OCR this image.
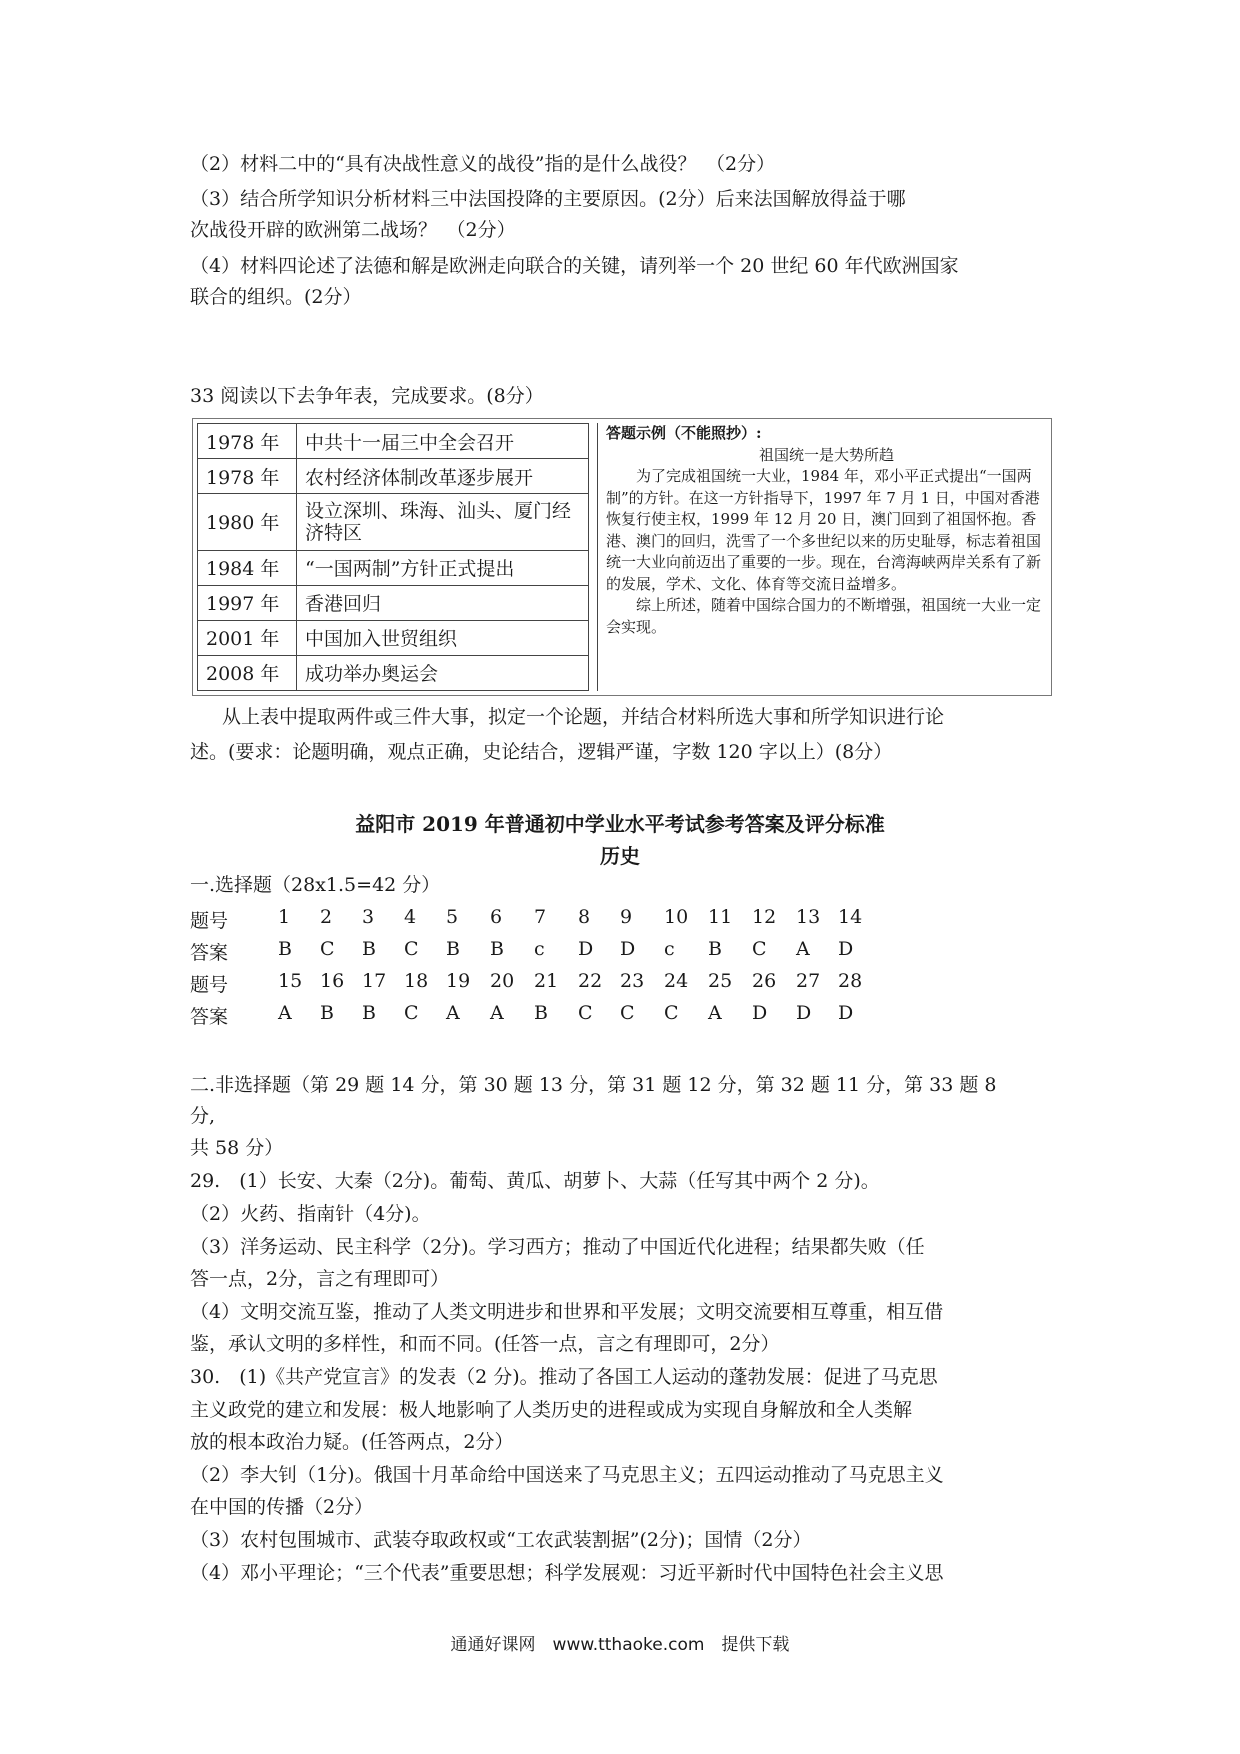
（2）材料二中的“具有决战性意义的战役”指的是什么战役？　（2分）
（3）结合所学知识分析材料三中法国投降的主要原因。(2分）后来法国解放得益于哪
次战役开辟的欧洲第二战场？　（2分）
（4）材料四论述了法德和解是欧洲走向联合的关键，请列举一个 20 世纪 60 年代欧洲国家
联合的组织。(2分）
33 阅读以下去争年表，完成要求。(8分）
1978 年	中共十一届三中全会召开
1978 年	农村经济体制改革逐步展开
1980 年	设立深圳、珠海、汕头、厦门经济特区
1984 年	“一国两制”方针正式提出
1997 年	香港回归
2001 年	中国加入世贸组织
2008 年	成功举办奥运会
答题示例（不能照抄）:
祖国统一是大势所趋

为了完成祖国统一大业，1984 年，邓小平正式提出“一国两制”的方针。在这一方针指导下，1997 年 7 月 1 日，中国对香港恢复行使主权，1999 年 12 月 20 日，澳门回到了祖国怀抱。香港、澳门的回归，洗雪了一个多世纪以来的历史耻辱，标志着祖国统一大业向前迈出了重要的一步。现在，台湾海峡两岸关系有了新的发展，学术、文化、体育等交流日益增多。

综上所述，随着中国综合国力的不断增强，祖国统一大业一定会实现。

从上表中提取两件或三件大事，拟定一个论题，并结合材料所选大事和所学知识进行论
述。(要求：论题明确，观点正确，史论结合，逻辑严谨，字数 120 字以上）(8分）
益阳市 2019 年普通初中学业水平考试参考答案及评分标准
历史
一.选择题（28x1.5=42 分）
题号	1 2 3 4 5 6 7 8 9 10 11 12 13 14
答案	B C B C B B c D D c B C A D
题号	15 16 17 18 19 20 21 22 23 24 25 26 27 28
答案	A B B C A A B C C C A D D D
二.非选择题（第 29 题 14 分，第 30 题 13 分，第 31 题 12 分，第 32 题 11 分，第 33 题 8
分,
共 58 分）
29.　(1）长安、大秦（2分)。葡萄、黄瓜、胡萝卜、大蒜（任写其中两个 2 分)。
（2）火药、指南针（4分)。
（3）洋务运动、民主科学（2分)。学习西方；推动了中国近代化进程；结果都失败（任
答一点，2分，言之有理即可）
（4）文明交流互鉴，推动了人类文明进步和世界和平发展；文明交流要相互尊重，相互借
鉴，承认文明的多样性，和而不同。(任答一点，言之有理即可，2分）
30.　(1)《共产党宣言》的发表（2 分)。推动了各国工人运动的蓬勃发展：促进了马克思
主义政党的建立和发展：极人地影响了人类历史的进程或成为实现自身解放和全人类解
放的根本政治力疑。(任答两点，2分）
（2）李大钊（1分)。俄国十月革命给中国送来了马克思主义；五四运动推动了马克思主义
在中国的传播（2分）
（3）农村包围城市、武装夺取政权或“工农武装割据”(2分)；国情（2分）
（4）邓小平理论；“三个代表”重要思想；科学发展观：习近平新时代中国特色社会主义思
通通好课网　www.tthaoke.com　提供下载
